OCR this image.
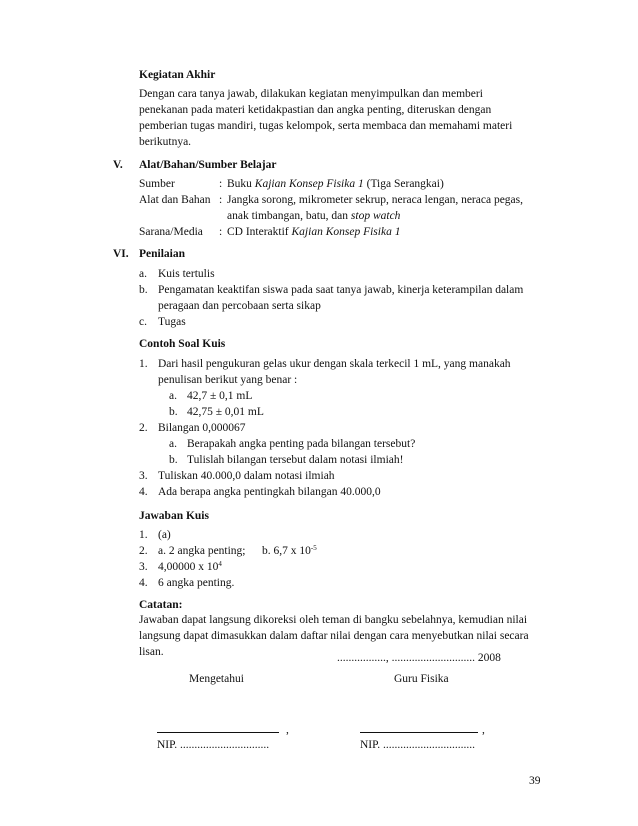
Kegiatan Akhir
Dengan cara tanya jawab, dilakukan kegiatan menyimpulkan dan memberi
penekanan pada materi ketidakpastian dan angka penting, diteruskan dengan
pemberian tugas mandiri, tugas kelompok, serta membaca dan memahami materi
berikutnya.
V. Alat/Bahan/Sumber Belajar
Sumber	: Buku Kajian Konsep Fisika 1 (Tiga Serangkai)
Alat dan Bahan : Jangka sorong, mikrometer sekrup, neraca lengan, neraca pegas,
anak timbangan, batu, dan stop watch
Sarana/Media : CD Interaktif Kajian Konsep Fisika 1
VI. Penilaian
a. Kuis tertulis
b. Pengamatan keaktifan siswa pada saat tanya jawab, kinerja keterampilan dalam
peragaan dan percobaan serta sikap
c. Tugas
Contoh Soal Kuis
1. Dari hasil pengukuran gelas ukur dengan skala terkecil 1 mL, yang manakah
penulisan berikut yang benar :
a. 42,7 ± 0,1 mL
b. 42,75 ± 0,01 mL
2. Bilangan 0,000067
a. Berapakah angka penting pada bilangan tersebut?
b. Tulislah bilangan tersebut dalam notasi ilmiah!
3. Tuliskan 40.000,0 dalam notasi ilmiah
4. Ada berapa angka pentingkah bilangan 40.000,0
Jawaban Kuis
1. (a)
2. a. 2 angka penting; b. 6,7 x $10^{-5}$
3. 4,00000 x $10^4$
4. 6 angka penting.
Catatan:
Jawaban dapat langsung dikoreksi oleh teman di bangku sebelahnya, kemudian nilai
langsung dapat dimasukkan dalam daftar nilai dengan cara menyebutkan nilai secara
lisan.	................., ............................. 2008
Mengetahui	Guru Fisika
,	,
NIP. ...............................	NIP. ................................
39
